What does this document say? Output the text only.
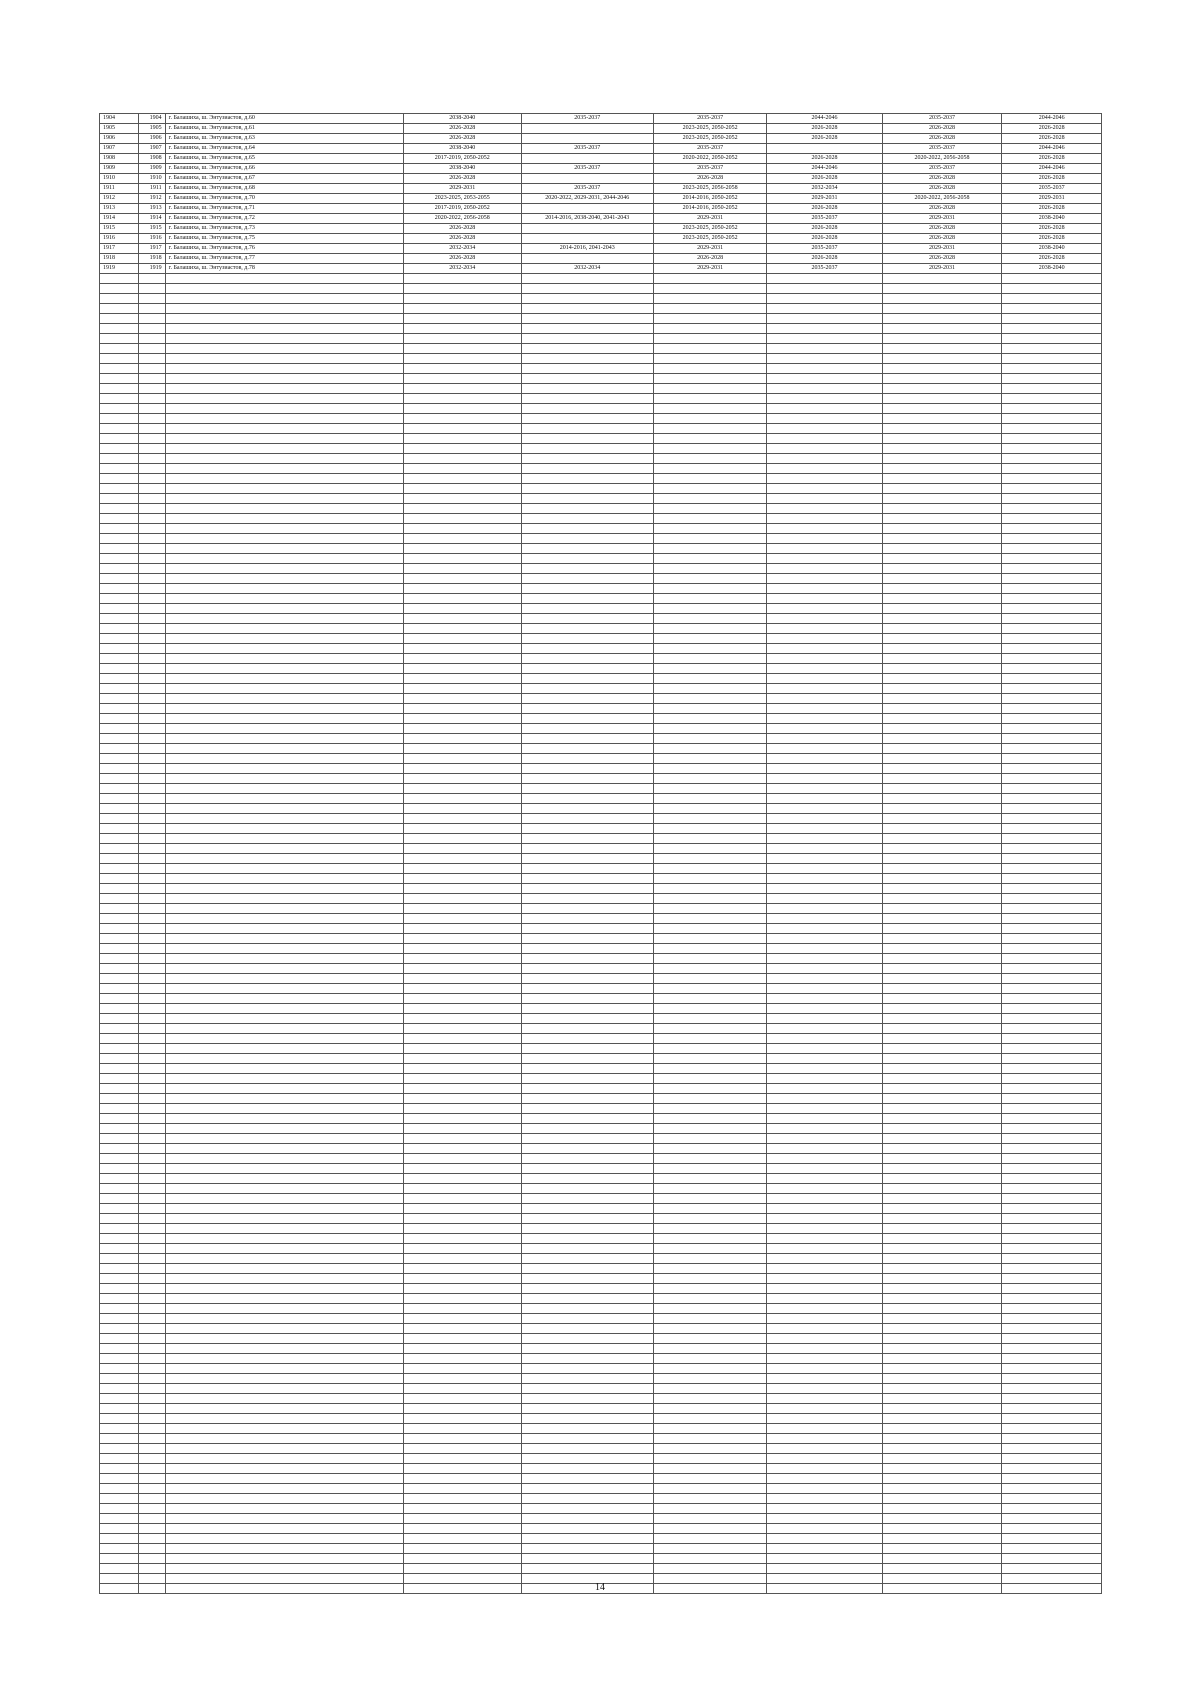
1904	1904	г. Балашиха, ш. Энтузиастов, д.60	2038-2040	2035-2037	2035-2037	2044-2046	2035-2037	2044-2046
1905	1905	г. Балашиха, ш. Энтузиастов, д.61	2026-2028		2023-2025, 2050-2052	2026-2028	2026-2028	2026-2028
1906	1906	г. Балашиха, ш. Энтузиастов, д.63	2026-2028		2023-2025, 2050-2052	2026-2028	2026-2028	2026-2028
1907	1907	г. Балашиха, ш. Энтузиастов, д.64	2038-2040	2035-2037	2035-2037		2035-2037	2044-2046
1908	1908	г. Балашиха, ш. Энтузиастов, д.65	2017-2019, 2050-2052		2020-2022, 2050-2052	2026-2028	2020-2022, 2056-2058	2026-2028
1909	1909	г. Балашиха, ш. Энтузиастов, д.66	2038-2040	2035-2037	2035-2037	2044-2046	2035-2037	2044-2046
1910	1910	г. Балашиха, ш. Энтузиастов, д.67	2026-2028		2026-2028	2026-2028	2026-2028	2026-2028
1911	1911	г. Балашиха, ш. Энтузиастов, д.68	2029-2031	2035-2037	2023-2025, 2056-2058	2032-2034	2026-2028	2035-2037
1912	1912	г. Балашиха, ш. Энтузиастов, д.70	2023-2025, 2053-2055	2020-2022, 2029-2031, 2044-2046	2014-2016, 2050-2052	2029-2031	2020-2022, 2056-2058	2029-2031
1913	1913	г. Балашиха, ш. Энтузиастов, д.71	2017-2019, 2050-2052		2014-2016, 2050-2052	2026-2028	2026-2028	2026-2028
1914	1914	г. Балашиха, ш. Энтузиастов, д.72	2020-2022, 2056-2058	2014-2016, 2038-2040, 2041-2043	2029-2031	2035-2037	2029-2031	2038-2040
1915	1915	г. Балашиха, ш. Энтузиастов, д.73	2026-2028		2023-2025, 2050-2052	2026-2028	2026-2028	2026-2028
1916	1916	г. Балашиха, ш. Энтузиастов, д.75	2026-2028		2023-2025, 2050-2052	2026-2028	2026-2028	2026-2028
1917	1917	г. Балашиха, ш. Энтузиастов, д.76	2032-2034	2014-2016, 2041-2043	2029-2031	2035-2037	2029-2031	2038-2040
1918	1918	г. Балашиха, ш. Энтузиастов, д.77	2026-2028		2026-2028	2026-2028	2026-2028	2026-2028
1919	1919	г. Балашиха, ш. Энтузиастов, д.78	2032-2034	2032-2034	2029-2031	2035-2037	2029-2031	2038-2040

14
